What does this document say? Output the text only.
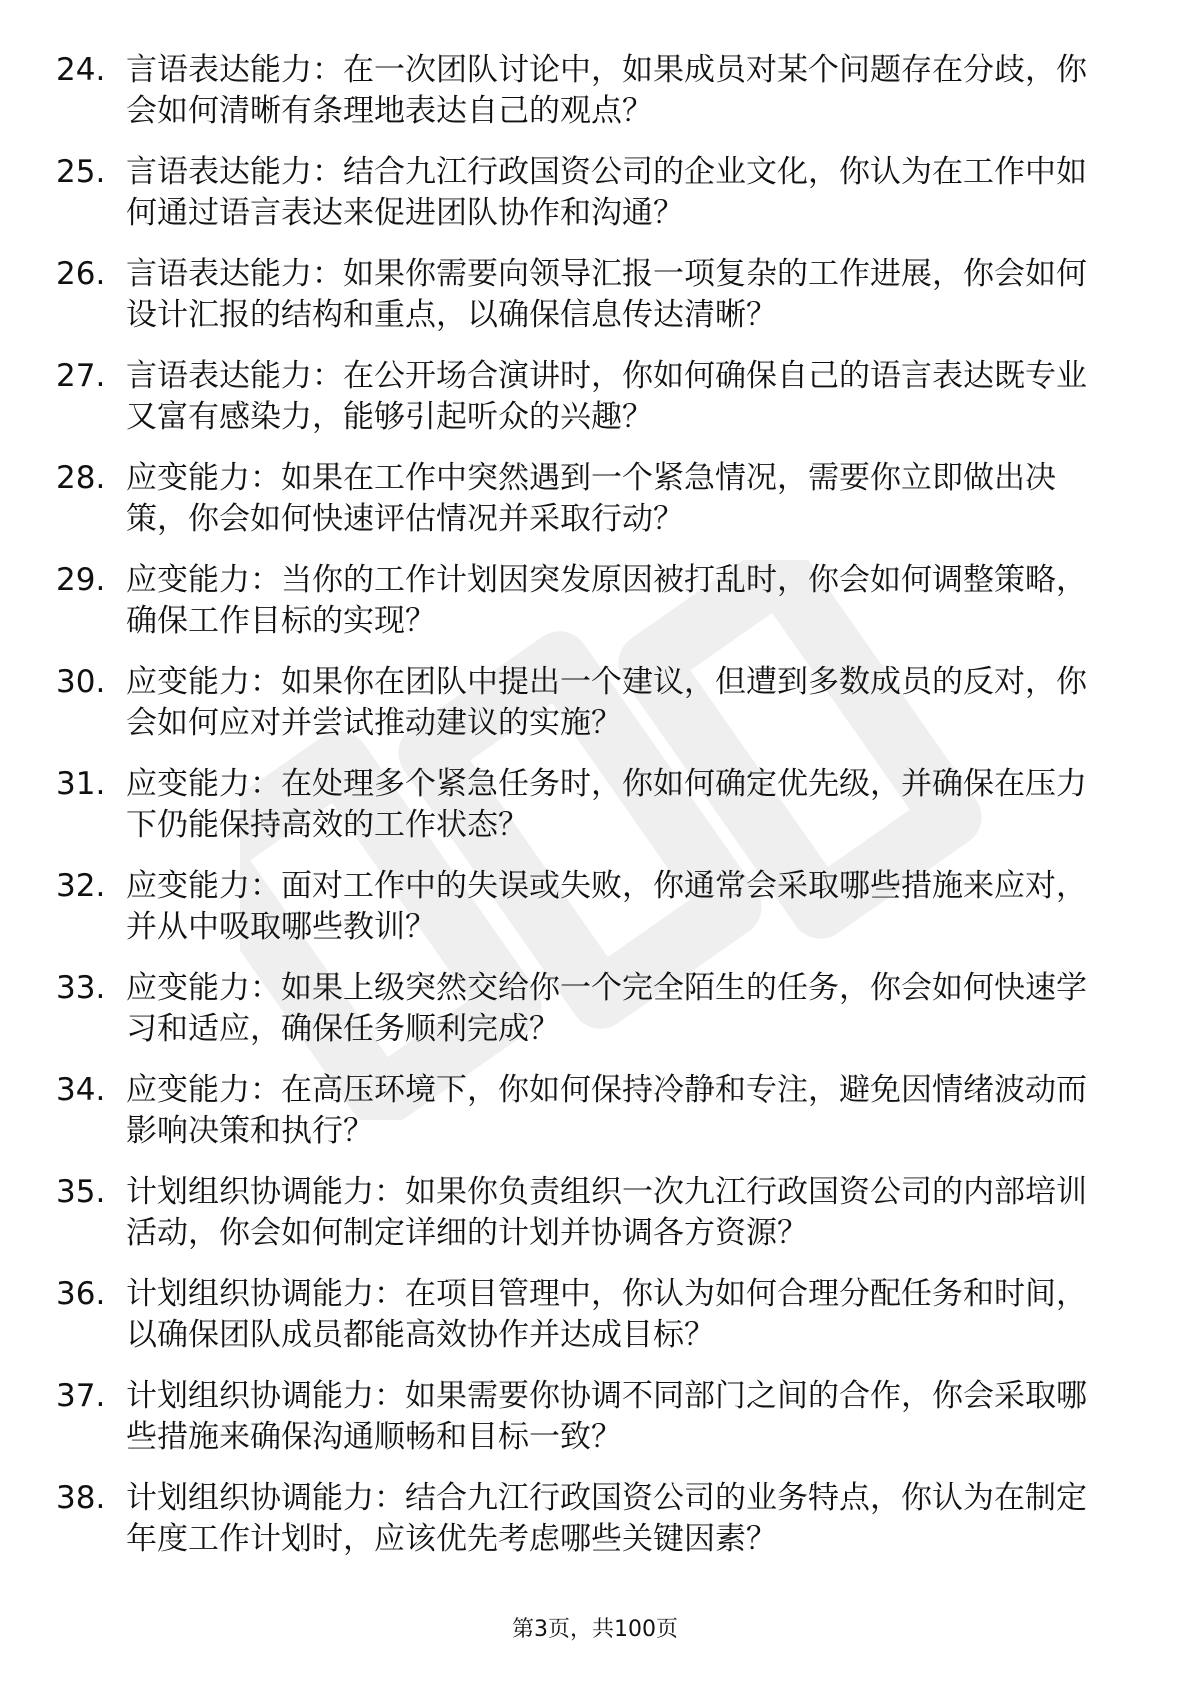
24. 言语表达能力：在一次团队讨论中，如果成员对某个问题存在分歧，你会如何清晰有条理地表达自己的观点？
25. 言语表达能力：结合九江行政国资公司的企业文化，你认为在工作中如何通过语言表达来促进团队协作和沟通？
26. 言语表达能力：如果你需要向领导汇报一项复杂的工作进展，你会如何设计汇报的结构和重点，以确保信息传达清晰？
27. 言语表达能力：在公开场合演讲时，你如何确保自己的语言表达既专业又富有感染力，能够引起听众的兴趣？
28. 应变能力：如果在工作中突然遇到一个紧急情况，需要你立即做出决策，你会如何快速评估情况并采取行动？
29. 应变能力：当你的工作计划因突发原因被打乱时，你会如何调整策略，确保工作目标的实现？
30. 应变能力：如果你在团队中提出一个建议，但遭到多数成员的反对，你会如何应对并尝试推动建议的实施？
31. 应变能力：在处理多个紧急任务时，你如何确定优先级，并确保在压力下仍能保持高效的工作状态？
32. 应变能力：面对工作中的失误或失败，你通常会采取哪些措施来应对，并从中吸取哪些教训？
33. 应变能力：如果上级突然交给你一个完全陌生的任务，你会如何快速学习和适应，确保任务顺利完成？
34. 应变能力：在高压环境下，你如何保持冷静和专注，避免因情绪波动而影响决策和执行？
35. 计划组织协调能力：如果你负责组织一次九江行政国资公司的内部培训活动，你会如何制定详细的计划并协调各方资源？
36. 计划组织协调能力：在项目管理中，你认为如何合理分配任务和时间，以确保团队成员都能高效协作并达成目标？
37. 计划组织协调能力：如果需要你协调不同部门之间的合作，你会采取哪些措施来确保沟通顺畅和目标一致？
38. 计划组织协调能力：结合九江行政国资公司的业务特点，你认为在制定年度工作计划时，应该优先考虑哪些关键因素？
第3页，共100页
